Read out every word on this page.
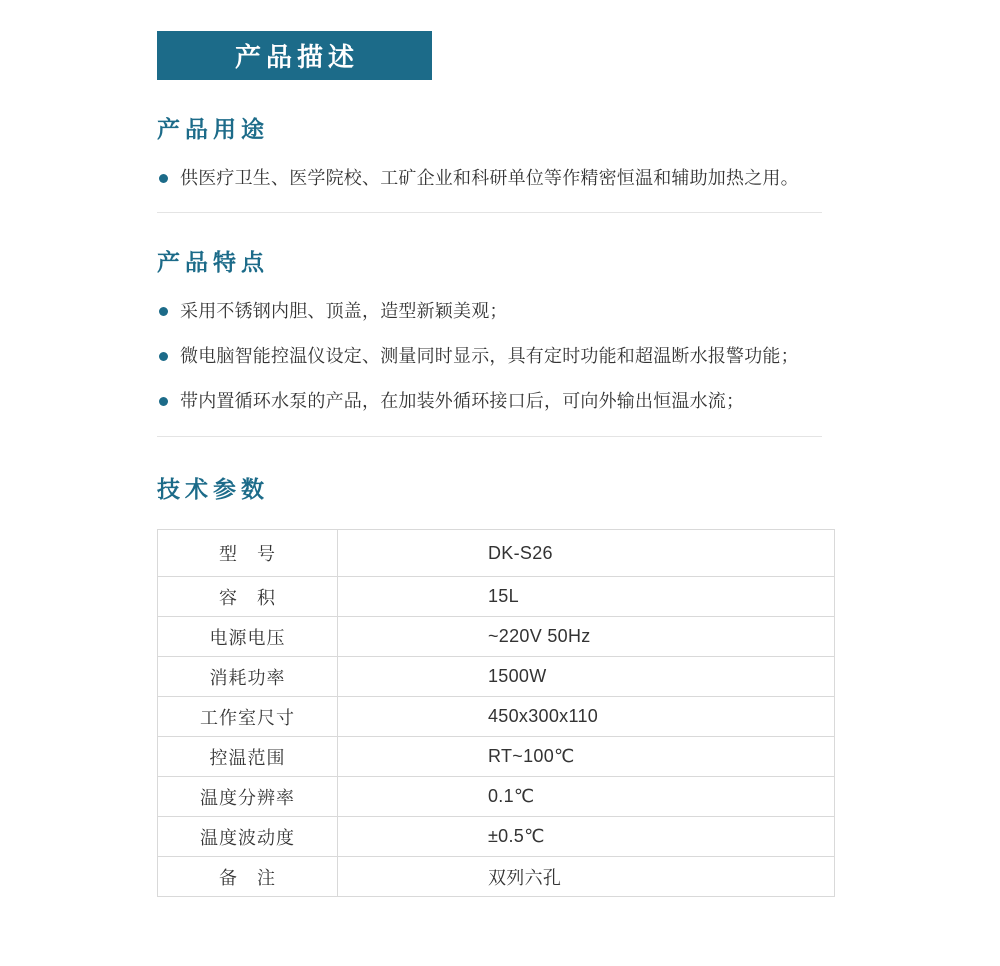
产品描述
产品用途
供医疗卫生、医学院校、工矿企业和科研单位等作精密恒温和辅助加热之用。
产品特点
采用不锈钢内胆、顶盖，造型新颖美观；
微电脑智能控温仪设定、测量同时显示，具有定时功能和超温断水报警功能；
带内置循环水泵的产品，在加装外循环接口后，可向外输出恒温水流；
技术参数
型　号	DK-S26
容　积	15L
电源电压	~220V 50Hz
消耗功率	1500W
工作室尺寸	450x300x110
控温范围	RT~100℃
温度分辨率	0.1℃
温度波动度	±0.5℃
备　注	双列六孔
